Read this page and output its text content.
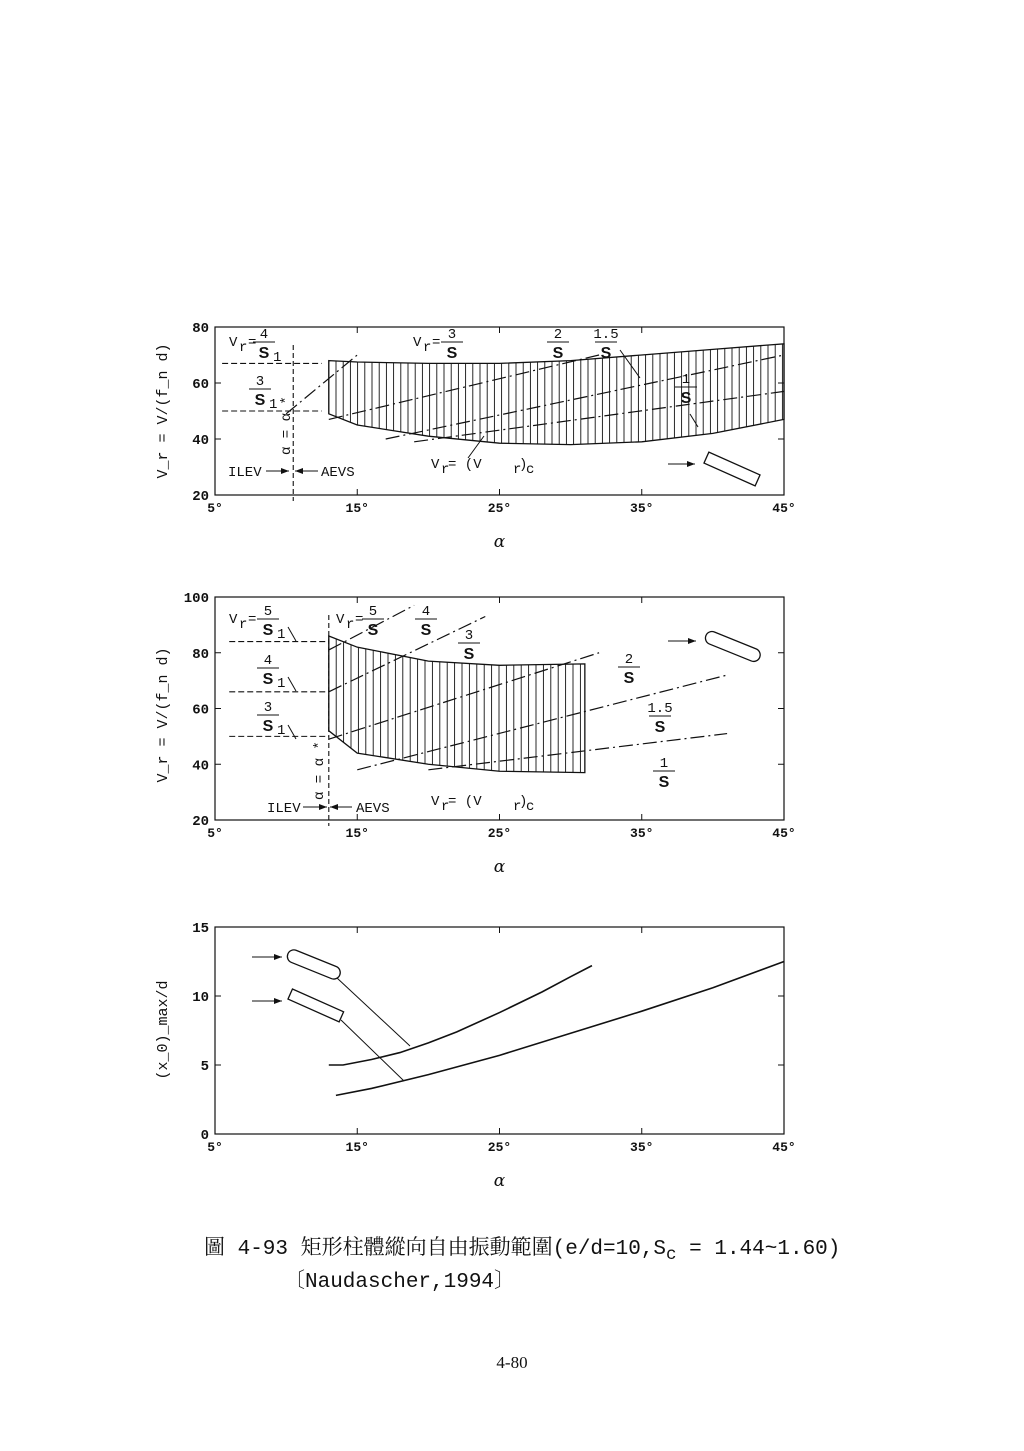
5°	15°	25°	35°	45°
20
40
60
80
α
V_r = V/(f_n d)
V r = 4
S 1
3
S 1
V r = 3
S
2
S
1.5
S
1
S
α = α *
ILEV	AEVS	V r
= (V r
)
c
5°	15°	25°	35°	45°
20
40
60
80
100
α
V_r = V/(f_n d)
V r = 5
S 1
4
S 1
3
S 1
V r = 5
S
4
S 3
S	2
S
1.5
S
1
S
α = α *
ILEV	AEVS	V r
= (V r
)
c
5°	15°	25°	35°	45°
0
5
10
15
α
(x_0)_max/d
圖 4-93 矩形柱體縱向自由振動範圍($e/d=10,S_c$ = 1.44~1.60)
〔Naudascher,1994〕
4-80
